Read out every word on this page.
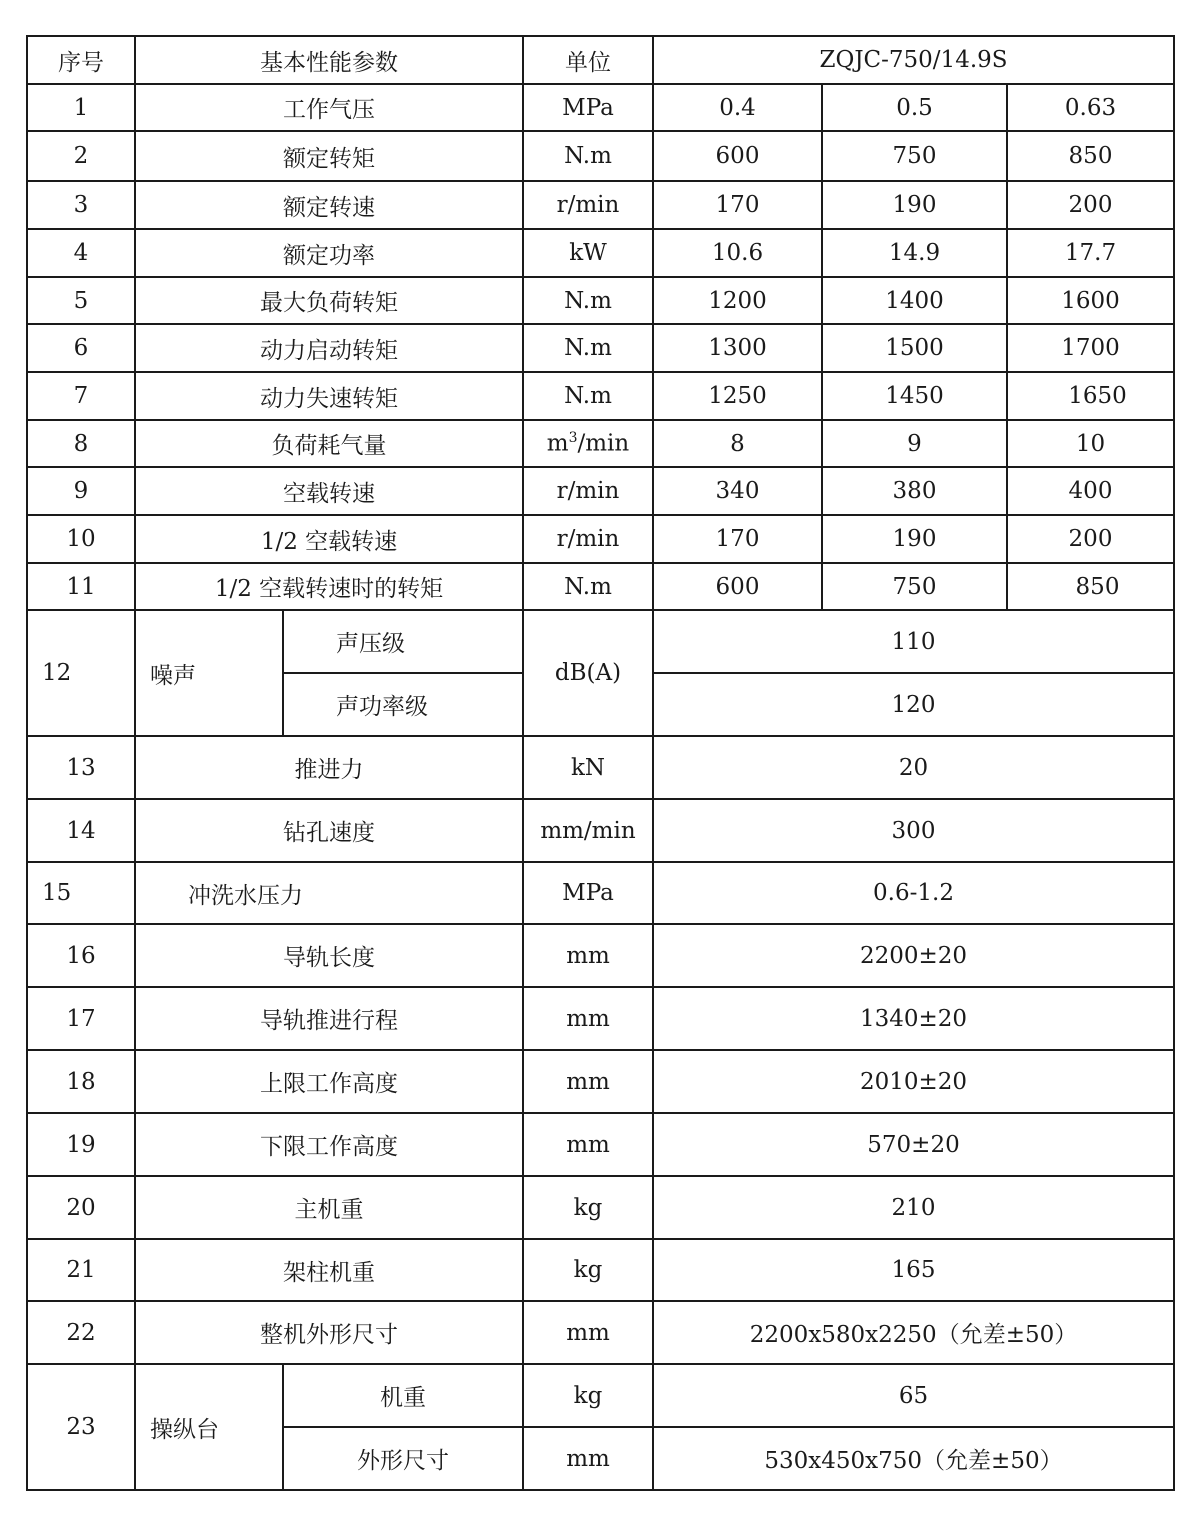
序号	基本性能参数		单位	ZQJC-750/14.9S		
1	工作气压		MPa	0.4	0.5	0.63
2	额定转矩		N.m	600	750	850
3	额定转速		r/min	170	190	200
4	额定功率		kW	10.6	14.9	17.7
5	最大负荷转矩		N.m	1200	1400	1600
6	动力启动转矩		N.m	1300	1500	1700
7	动力失速转矩		N.m	1250	1450	1650
8	负荷耗气量		$m^3/\min$	8	9	10
9	空载转速		r/min	340	380	400
10	1/2 空载转速		r/min	170	190	200
11	1/2 空载转速时的转矩		N.m	600	750	850
12	噪声	声压级	dB(A)	110		
		声功率级		120		
13	推进力		kN	20		
14	钻孔速度		mm/min	300		
15	冲洗水压力		MPa	0.6-1.2		
16	导轨长度		mm	2200±20		
17	导轨推进行程		mm	1340±20		
18	上限工作高度		mm	2010±20		
19	下限工作高度		mm	570±20		
20	主机重		kg	210		
21	架柱机重		kg	165		
22	整机外形尺寸		mm	2200x580x2250（允差±50）		
23	操纵台	机重	kg	65		
		外形尺寸	mm	530x450x750（允差±50）		
